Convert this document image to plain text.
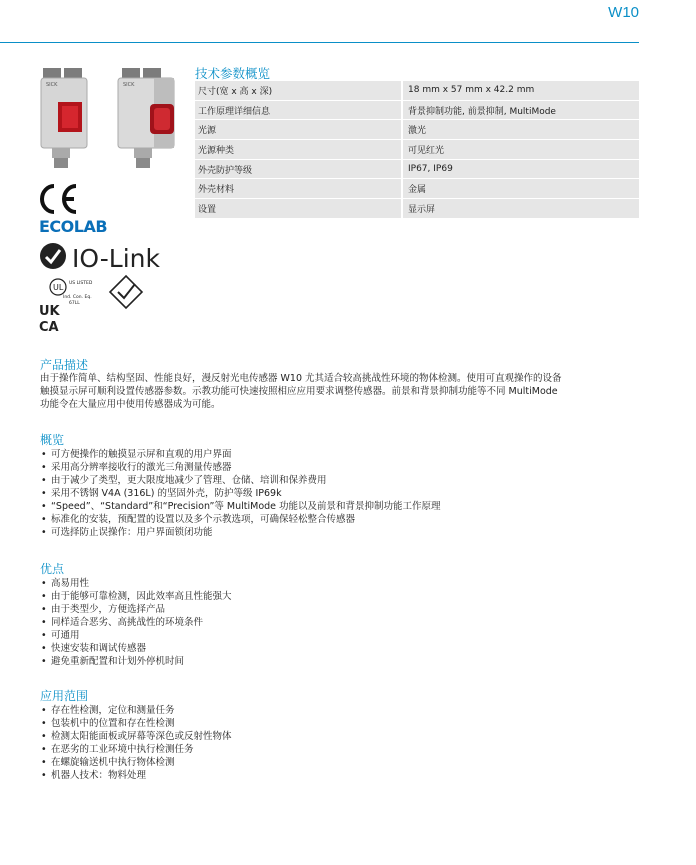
W10
SICK	SICK
ECOLAB
IO-Link
UL US LISTED
Ind. Con. Eq.
67LL
UK
CA
技术参数概览
尺寸(宽 x 高 x 深)	18 mm x 57 mm x 42.2 mm
工作原理详细信息	背景抑制功能, 前景抑制, MultiMode
光源	激光
光源种类	可见红光
外壳防护等级	IP67, IP69
外壳材料	金属
设置	显示屏

产品描述

由于操作简单、结构坚固、性能良好，漫反射光电传感器 W10 尤其适合较高挑战性环境的物体检测。使用可直观操作的设备

触摸显示屏可顺利设置传感器参数。示教功能可快速按照相应应用要求调整传感器。前景和背景抑制功能等不同 MultiMode

功能令在大量应用中使用传感器成为可能。

概览

• 可方便操作的触摸显示屏和直观的用户界面
• 采用高分辨率接收行的激光三角测量传感器
• 由于减少了类型，更大限度地减少了管理、仓储、培训和保养费用
• 采用不锈钢 V4A (316L) 的坚固外壳，防护等级 IP69k
• “Speed”、“Standard”和“Precision”等 MultiMode 功能以及前景和背景抑制功能工作原理
• 标准化的安装，预配置的设置以及多个示教选项，可确保轻松整合传感器
• 可选择防止误操作：用户界面锁闭功能

优点

• 高易用性
• 由于能够可靠检测，因此效率高且性能强大
• 由于类型少，方便选择产品
• 同样适合恶劣、高挑战性的环境条件
• 可通用
• 快速安装和调试传感器
• 避免重新配置和计划外停机时间

应用范围

• 存在性检测，定位和测量任务
• 包装机中的位置和存在性检测
• 检测太阳能面板或屏幕等深色或反射性物体
• 在恶劣的工业环境中执行检测任务
• 在螺旋输送机中执行物体检测
• 机器人技术：物料处理
